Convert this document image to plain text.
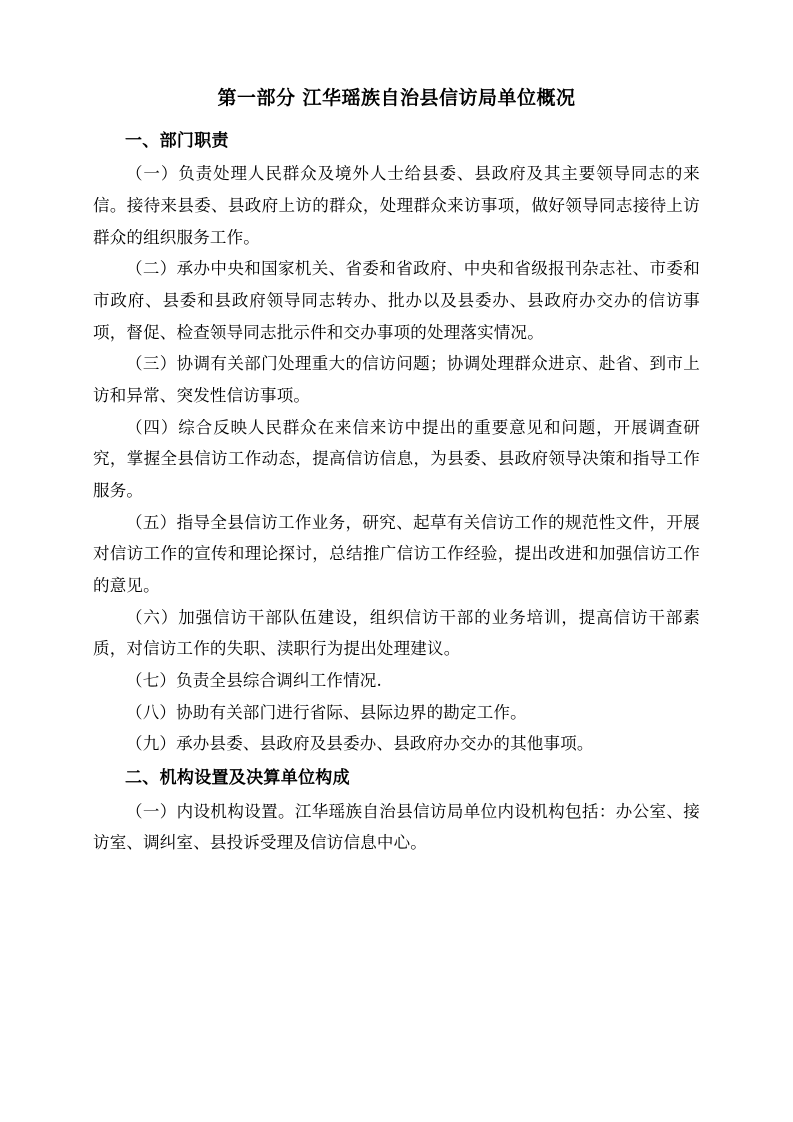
第一部分 江华瑶族自治县信访局单位概况
一、部门职责

（一）负责处理人民群众及境外人士给县委、县政府及其主要领导同志的来信。接待来县委、县政府上访的群众，处理群众来访事项，做好领导同志接待上访群众的组织服务工作。

（二）承办中央和国家机关、省委和省政府、中央和省级报刊杂志社、市委和市政府、县委和县政府领导同志转办、批办以及县委办、县政府办交办的信访事项，督促、检查领导同志批示件和交办事项的处理落实情况。

（三）协调有关部门处理重大的信访问题；协调处理群众进京、赴省、到市上访和异常、突发性信访事项。

（四）综合反映人民群众在来信来访中提出的重要意见和问题，开展调查研究，掌握全县信访工作动态，提高信访信息，为县委、县政府领导决策和指导工作服务。

（五）指导全县信访工作业务，研究、起草有关信访工作的规范性文件，开展对信访工作的宣传和理论探讨，总结推广信访工作经验，提出改进和加强信访工作的意见。

（六）加强信访干部队伍建设，组织信访干部的业务培训，提高信访干部素质，对信访工作的失职、渎职行为提出处理建议。

（七）负责全县综合调纠工作情况.

（八）协助有关部门进行省际、县际边界的勘定工作。

（九）承办县委、县政府及县委办、县政府办交办的其他事项。

二、机构设置及决算单位构成

（一）内设机构设置。江华瑶族自治县信访局单位内设机构包括：办公室、接访室、调纠室、县投诉受理及信访信息中心。
